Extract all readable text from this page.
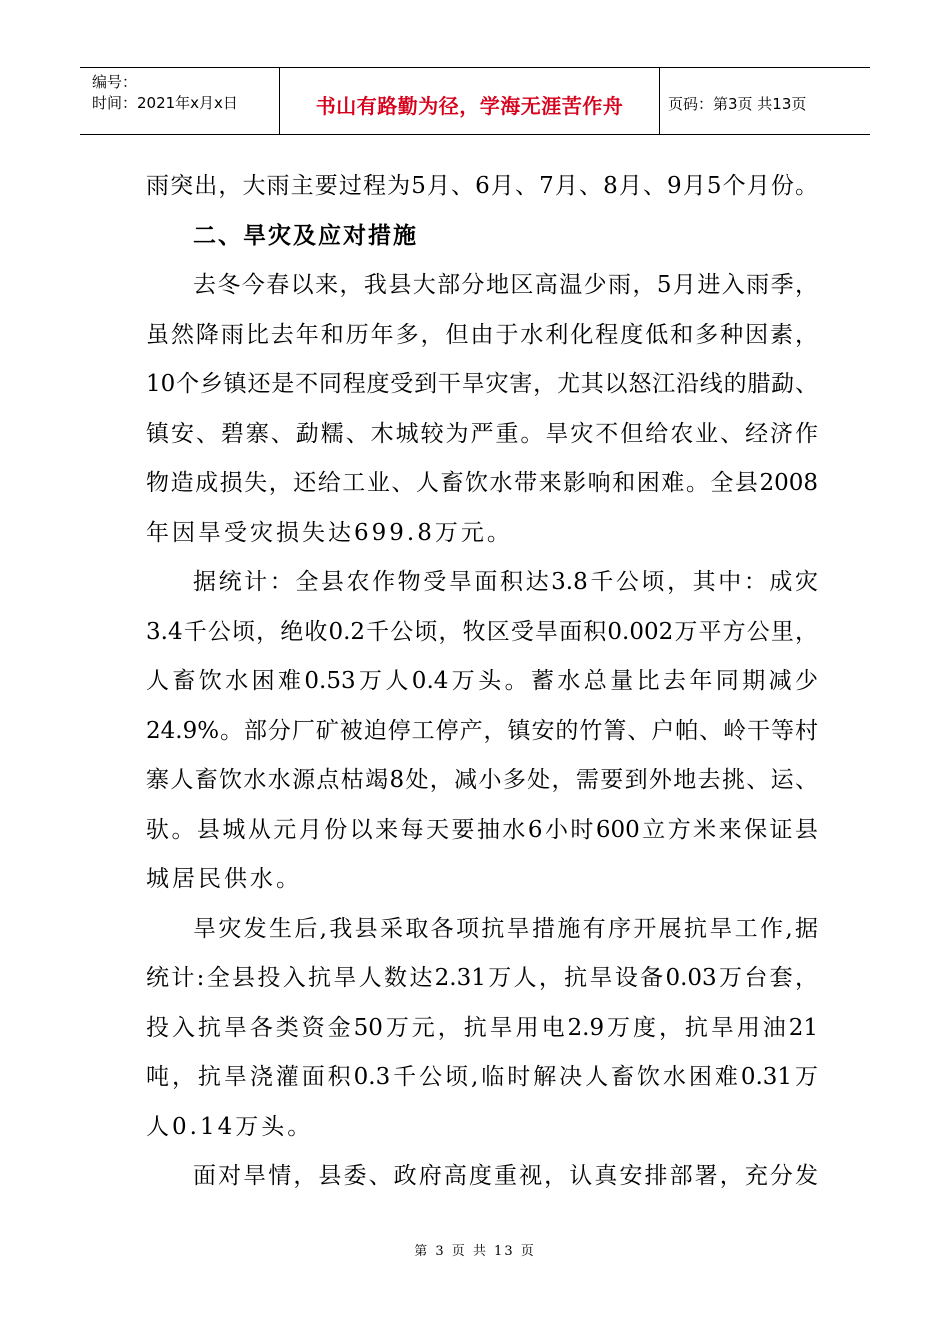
编号：
时间：2021年x月x日	书山有路勤为径，学海无涯苦作舟	页码：第3页 共13页
雨突出，大雨主要过程为5月、6月、7月、8月、9月5个月份。
二、旱灾及应对措施
去冬今春以来，我县大部分地区高温少雨，5月进入雨季，
虽然降雨比去年和历年多，但由于水利化程度低和多种因素，
10个乡镇还是不同程度受到干旱灾害，尤其以怒江沿线的腊勐、
镇安、碧寨、勐糯、木城较为严重。旱灾不但给农业、经济作
物造成损失，还给工业、人畜饮水带来影响和困难。全县2008
年因旱受灾损失达699.8万元。
据统计：全县农作物受旱面积达3.8千公顷，其中：成灾
3.4千公顷，绝收0.2千公顷，牧区受旱面积0.002万平方公里，
人畜饮水困难0.53万人0.4万头。蓄水总量比去年同期减少
24.9%。部分厂矿被迫停工停产，镇安的竹箐、户帕、岭干等村
寨人畜饮水水源点枯竭8处，减小多处，需要到外地去挑、运、
驮。县城从元月份以来每天要抽水6小时600立方米来保证县
城居民供水。
旱灾发生后,我县采取各项抗旱措施有序开展抗旱工作,据
统计:全县投入抗旱人数达2.31万人，抗旱设备0.03万台套，
投入抗旱各类资金50万元，抗旱用电2.9万度，抗旱用油21
吨，抗旱浇灌面积0.3千公顷,临时解决人畜饮水困难0.31万
人0.14万头。
面对旱情，县委、政府高度重视，认真安排部署，充分发
第 3 页 共 13 页
